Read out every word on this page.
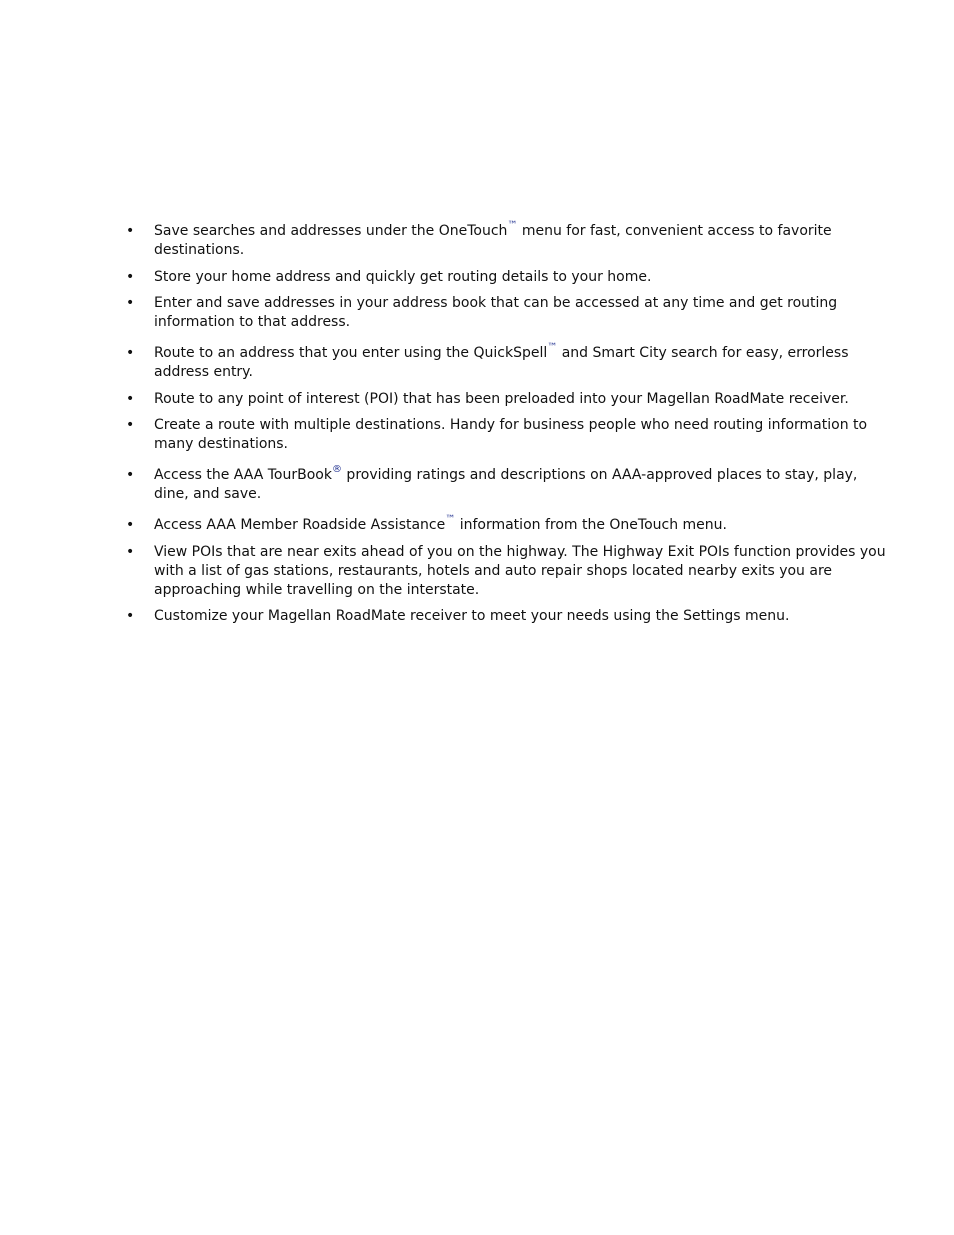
• Save searches and addresses under the OneTouch™ menu for fast, convenient access to favorite destinations.
• Store your home address and quickly get routing details to your home.
• Enter and save addresses in your address book that can be accessed at any time and get routing information to that address.
• Route to an address that you enter using the QuickSpell™ and Smart City search for easy, errorless address entry.
• Route to any point of interest (POI) that has been preloaded into your Magellan RoadMate receiver.
• Create a route with multiple destinations. Handy for business people who need routing information to many destinations.
• Access the AAA TourBook® providing ratings and descriptions on AAA-approved places to stay, play, dine, and save.
• Access AAA Member Roadside Assistance™ information from the OneTouch menu.
• View POIs that are near exits ahead of you on the highway. The Highway Exit POIs function provides you with a list of gas stations, restaurants, hotels and auto repair shops located nearby exits you are approaching while travelling on the interstate.
• Customize your Magellan RoadMate receiver to meet your needs using the Settings menu.
